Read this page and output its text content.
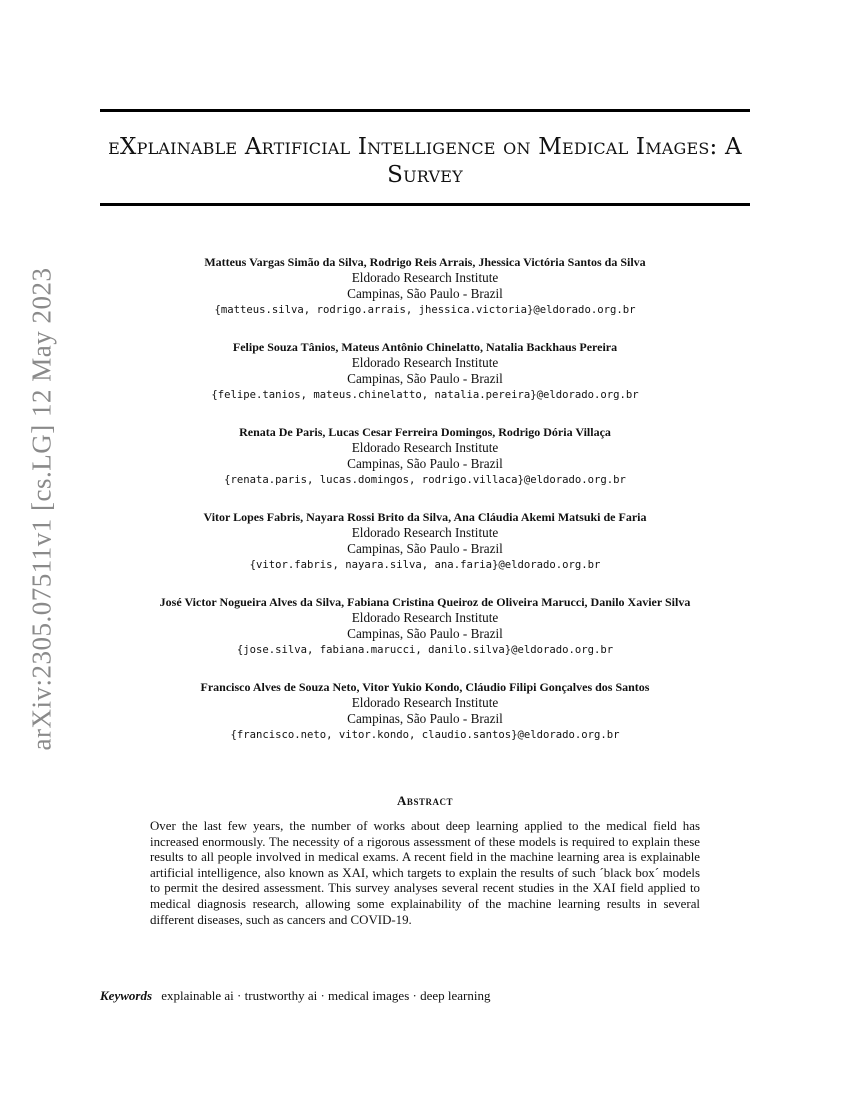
eXplainable Artificial Intelligence on Medical Images: A Survey
arXiv:2305.07511v1 [cs.LG] 12 May 2023
Matteus Vargas Simão da Silva, Rodrigo Reis Arrais, Jhessica Victória Santos da Silva
Eldorado Research Institute
Campinas, São Paulo - Brazil
{matteus.silva, rodrigo.arrais, jhessica.victoria}@eldorado.org.br
Felipe Souza Tânios, Mateus Antônio Chinelatto, Natalia Backhaus Pereira
Eldorado Research Institute
Campinas, São Paulo - Brazil
{felipe.tanios, mateus.chinelatto, natalia.pereira}@eldorado.org.br
Renata De Paris, Lucas Cesar Ferreira Domingos, Rodrigo Dória Villaça
Eldorado Research Institute
Campinas, São Paulo - Brazil
{renata.paris, lucas.domingos, rodrigo.villaca}@eldorado.org.br
Vitor Lopes Fabris, Nayara Rossi Brito da Silva, Ana Cláudia Akemi Matsuki de Faria
Eldorado Research Institute
Campinas, São Paulo - Brazil
{vitor.fabris, nayara.silva, ana.faria}@eldorado.org.br
José Victor Nogueira Alves da Silva, Fabiana Cristina Queiroz de Oliveira Marucci, Danilo Xavier Silva
Eldorado Research Institute
Campinas, São Paulo - Brazil
{jose.silva, fabiana.marucci, danilo.silva}@eldorado.org.br
Francisco Alves de Souza Neto, Vitor Yukio Kondo, Cláudio Filipi Gonçalves dos Santos
Eldorado Research Institute
Campinas, São Paulo - Brazil
{francisco.neto, vitor.kondo, claudio.santos}@eldorado.org.br
Abstract
Over the last few years, the number of works about deep learning applied to the medical field has increased enormously. The necessity of a rigorous assessment of these models is required to explain these results to all people involved in medical exams. A recent field in the machine learning area is explainable artificial intelligence, also known as XAI, which targets to explain the results of such ´black box´ models to permit the desired assessment. This survey analyses several recent studies in the XAI field applied to medical diagnosis research, allowing some explainability of the machine learning results in several different diseases, such as cancers and COVID-19.
Keywords explainable ai · trustworthy ai · medical images · deep learning
